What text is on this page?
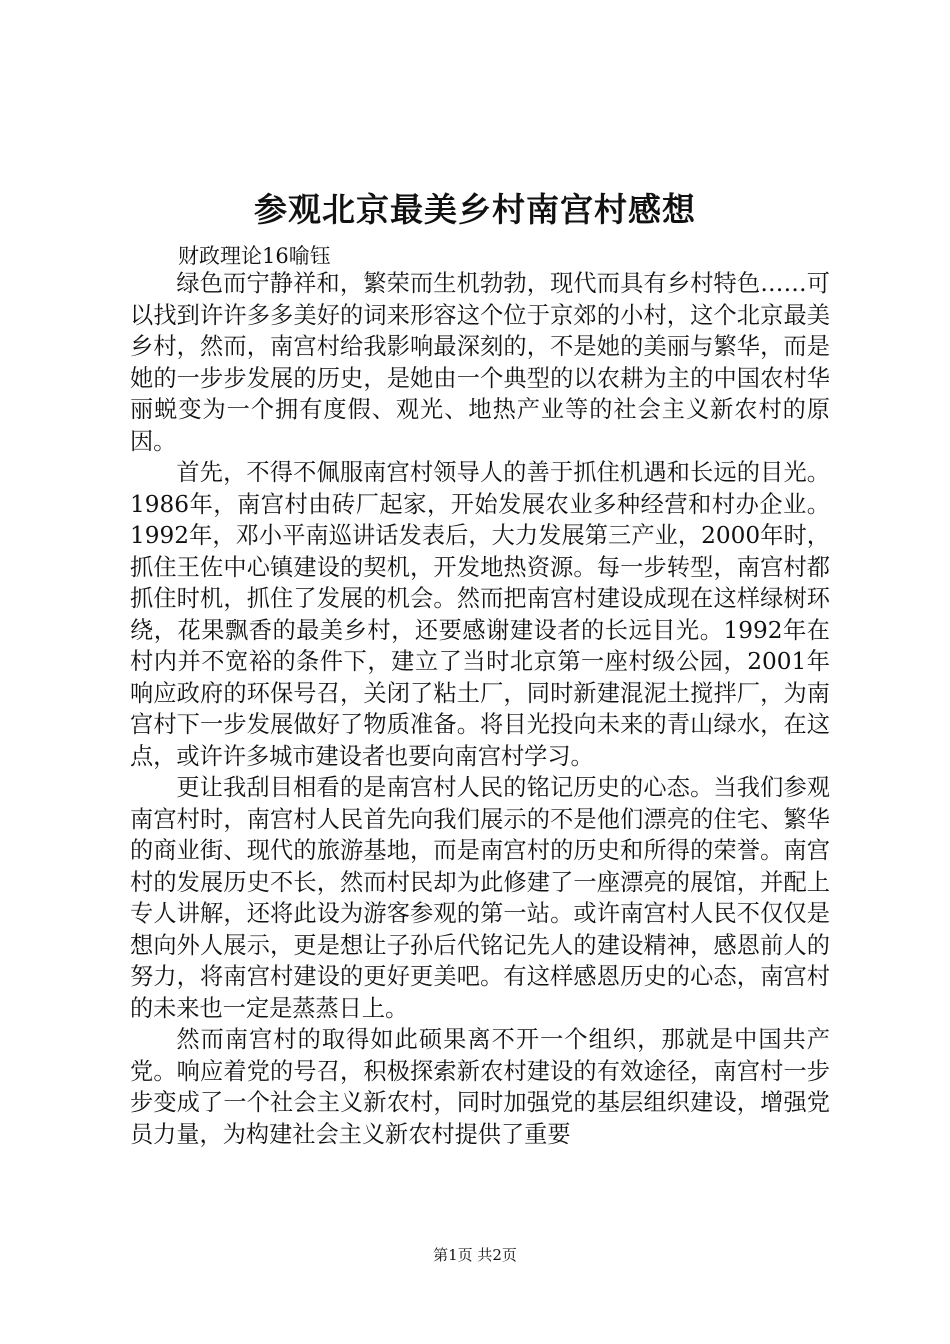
参观北京最美乡村南宫村感想

财政理论16喻钰

绿色而宁静祥和，繁荣而生机勃勃，现代而具有乡村特色……可以找到许许多多美好的词来形容这个位于京郊的小村，这个北京最美乡村，然而，南宫村给我影响最深刻的，不是她的美丽与繁华，而是她的一步步发展的历史，是她由一个典型的以农耕为主的中国农村华丽蜕变为一个拥有度假、观光、地热产业等的社会主义新农村的原因。

首先，不得不佩服南宫村领导人的善于抓住机遇和长远的目光。1986年，南宫村由砖厂起家，开始发展农业多种经营和村办企业。1992年，邓小平南巡讲话发表后，大力发展第三产业，2000年时，抓住王佐中心镇建设的契机，开发地热资源。每一步转型，南宫村都抓住时机，抓住了发展的机会。然而把南宫村建设成现在这样绿树环绕，花果飘香的最美乡村，还要感谢建设者的长远目光。1992年在村内并不宽裕的条件下，建立了当时北京第一座村级公园，2001年响应政府的环保号召，关闭了粘土厂，同时新建混泥土搅拌厂，为南宫村下一步发展做好了物质准备。将目光投向未来的青山绿水，在这点，或许许多城市建设者也要向南宫村学习。

更让我刮目相看的是南宫村人民的铭记历史的心态。当我们参观南宫村时，南宫村人民首先向我们展示的不是他们漂亮的住宅、繁华的商业街、现代的旅游基地，而是南宫村的历史和所得的荣誉。南宫村的发展历史不长，然而村民却为此修建了一座漂亮的展馆，并配上专人讲解，还将此设为游客参观的第一站。或许南宫村人民不仅仅是想向外人展示，更是想让子孙后代铭记先人的建设精神，感恩前人的努力，将南宫村建设的更好更美吧。有这样感恩历史的心态，南宫村的未来也一定是蒸蒸日上。

然而南宫村的取得如此硕果离不开一个组织，那就是中国共产党。响应着党的号召，积极探索新农村建设的有效途径，南宫村一步步变成了一个社会主义新农村，同时加强党的基层组织建设，增强党员力量，为构建社会主义新农村提供了重要

第1页 共2页
